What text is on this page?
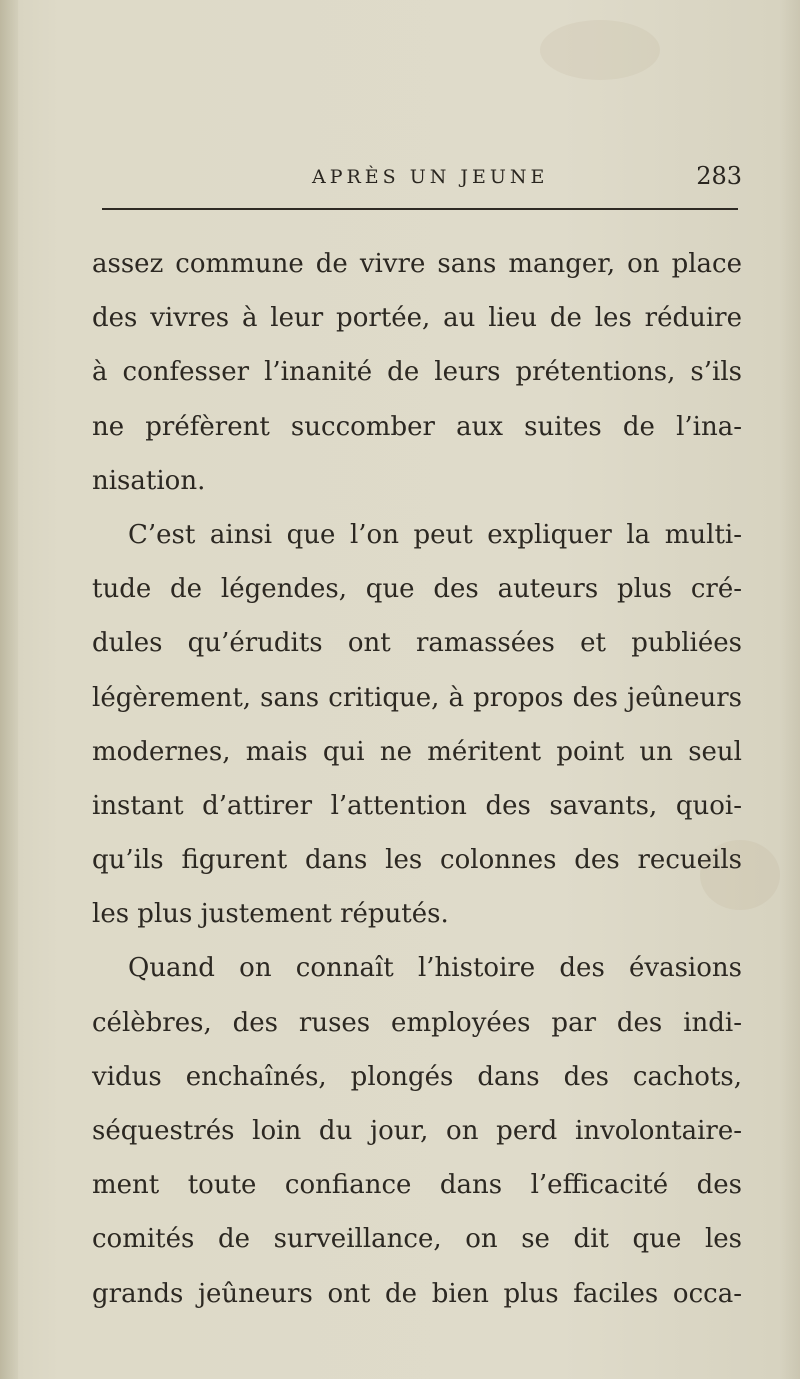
APRÈS UN JEUNE	283
assez commune de vivre sans manger, on place
des vivres à leur portée, au lieu de les réduire
à confesser l’inanité de leurs prétentions, s’ils
ne préfèrent succomber aux suites de l’ina-
nisation.
C’est ainsi que l’on peut expliquer la multi-
tude de légendes, que des auteurs plus cré-
dules qu’érudits ont ramassées et publiées
légèrement, sans critique, à propos des jeûneurs
modernes, mais qui ne méritent point un seul
instant d’attirer l’attention des savants, quoi-
qu’ils figurent dans les colonnes des recueils
les plus justement réputés.
Quand on connaît l’histoire des évasions
célèbres, des ruses employées par des indi-
vidus enchaînés, plongés dans des cachots,
séquestrés loin du jour, on perd involontaire-
ment toute confiance dans l’efficacité des
comités de surveillance, on se dit que les
grands jeûneurs ont de bien plus faciles occa-
